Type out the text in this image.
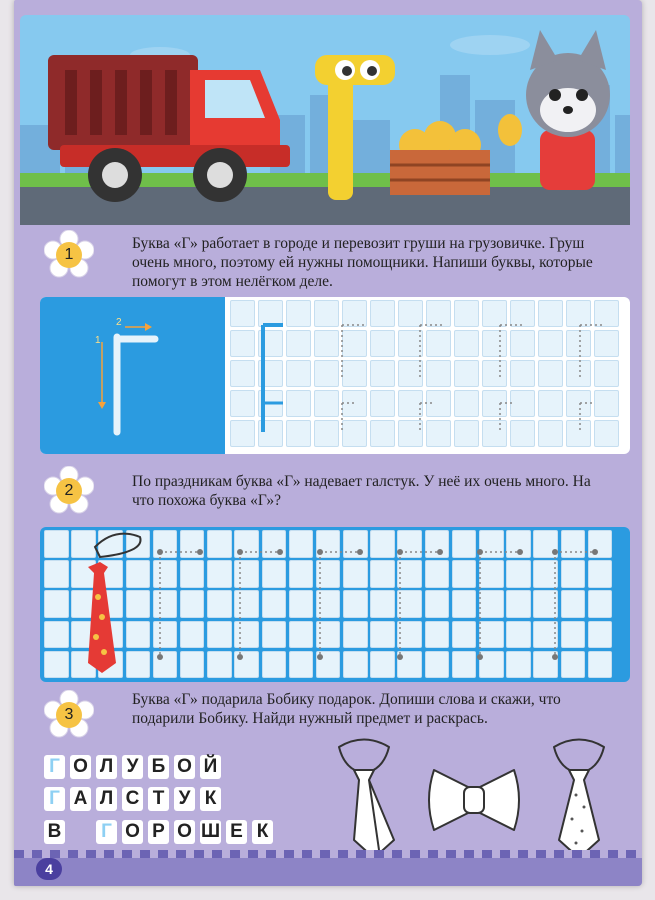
1
Буква «Г» работает в городе и перевозит груши на грузовичке. Груш очень много, поэтому ей нужны помощники. Напиши буквы, которые помогут в этом нелёгком деле.
1
2
2
По праздникам буква «Г» надевает галстук. У неё их очень много. На что похожа буква «Г»?
3
Буква «Г» подарила Бобику подарок. Допиши слова и скажи, что подарили Бобику. Найди нужный предмет и раскрась.
Г О Л У Б О Й
Г А Л С Т У К
В Г О Р О Ш Е К
4
